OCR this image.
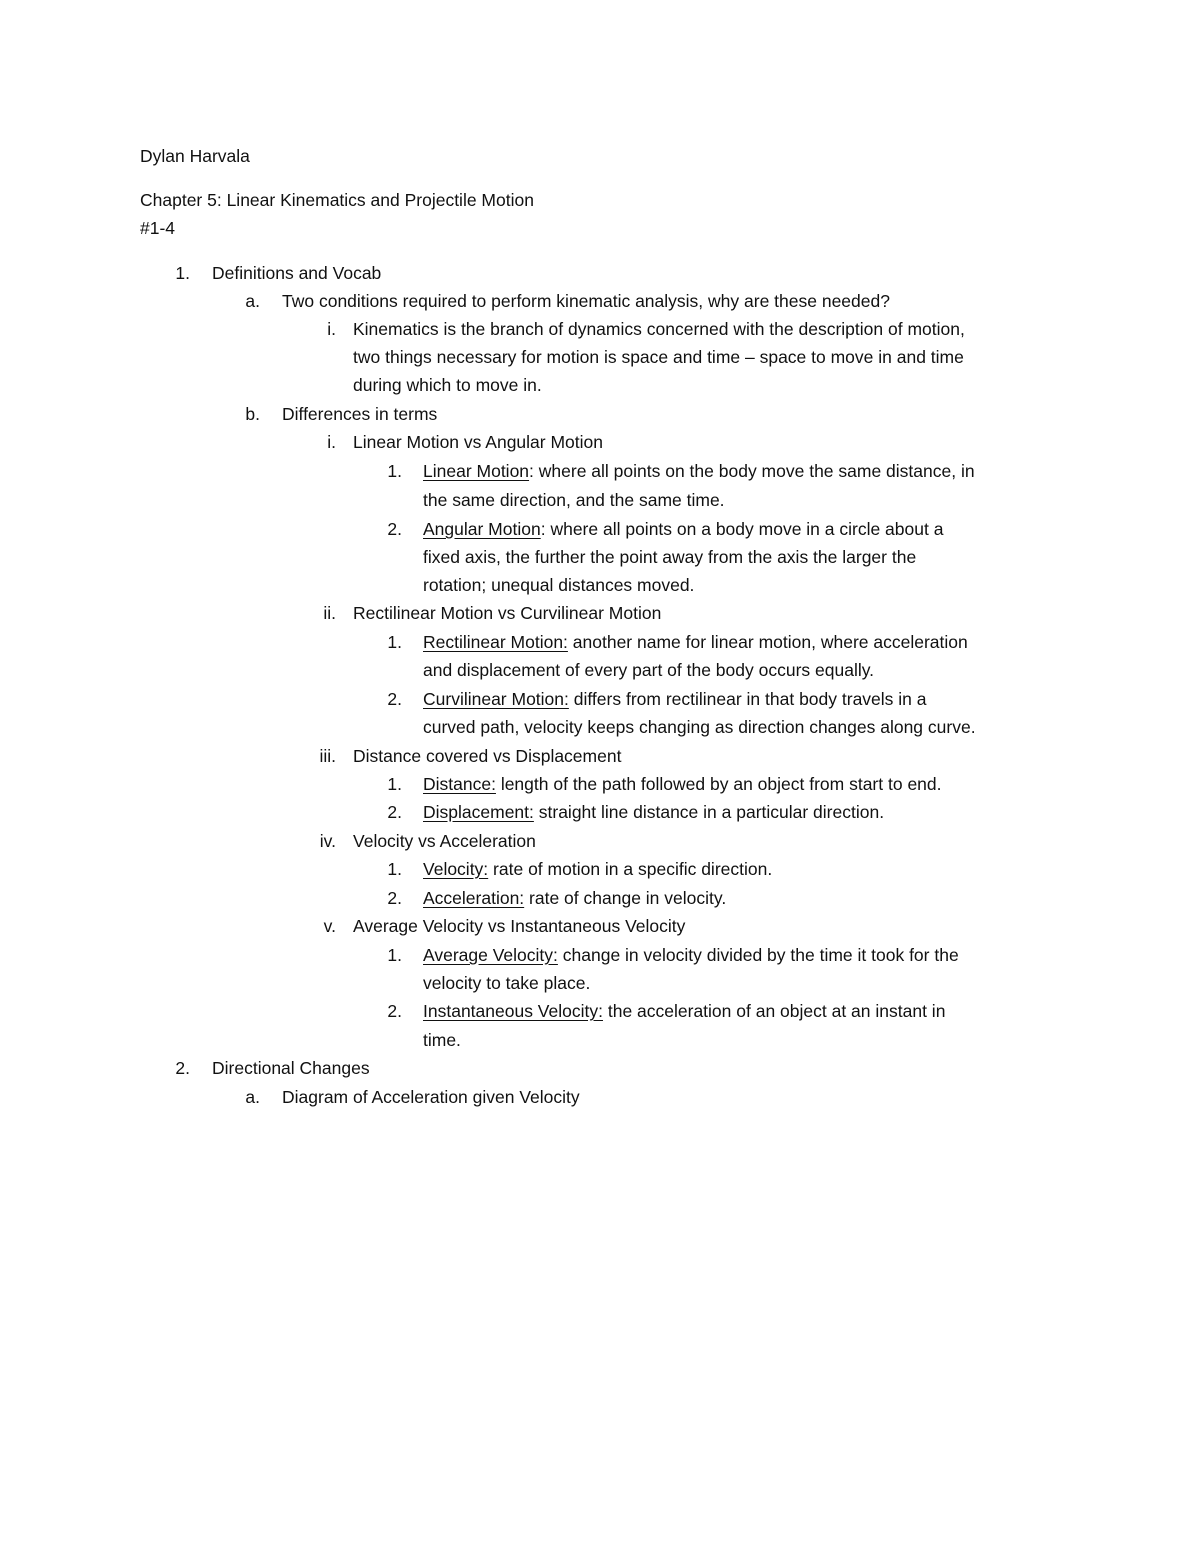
Dylan Harvala
Chapter 5: Linear Kinematics and Projectile Motion
#1-4
1. Definitions and Vocab
a. Two conditions required to perform kinematic analysis, why are these needed?
i. Kinematics is the branch of dynamics concerned with the description of motion,
two things necessary for motion is space and time – space to move in and time
during which to move in.
b. Differences in terms
i. Linear Motion vs Angular Motion
1. Linear Motion: where all points on the body move the same distance, in
the same direction, and the same time.
2. Angular Motion: where all points on a body move in a circle about a
fixed axis, the further the point away from the axis the larger the
rotation; unequal distances moved.
ii. Rectilinear Motion vs Curvilinear Motion
1. Rectilinear Motion: another name for linear motion, where acceleration
and displacement of every part of the body occurs equally.
2. Curvilinear Motion: differs from rectilinear in that body travels in a
curved path, velocity keeps changing as direction changes along curve.
iii. Distance covered vs Displacement
1. Distance: length of the path followed by an object from start to end.
2. Displacement: straight line distance in a particular direction.
iv. Velocity vs Acceleration
1. Velocity: rate of motion in a specific direction.
2. Acceleration: rate of change in velocity.
v. Average Velocity vs Instantaneous Velocity
1. Average Velocity: change in velocity divided by the time it took for the
velocity to take place.
2. Instantaneous Velocity: the acceleration of an object at an instant in
time.
2. Directional Changes
a. Diagram of Acceleration given Velocity
